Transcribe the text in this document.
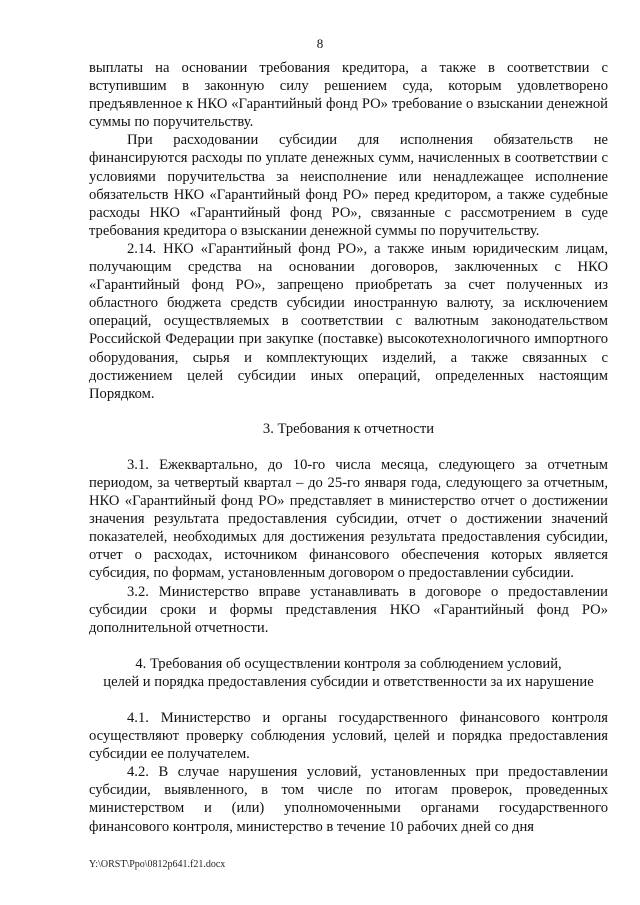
8

выплаты на основании требования кредитора, а также в соответствии с вступившим в законную силу решением суда, которым удовлетворено предъявленное к НКО «Гарантийный фонд РО» требование о взыскании денежной суммы по поручительству.

При расходовании субсидии для исполнения обязательств не финансируются расходы по уплате денежных сумм, начисленных в соответствии с условиями поручительства за неисполнение или ненадлежащее исполнение обязательств НКО «Гарантийный фонд РО» перед кредитором, а также судебные расходы НКО «Гарантийный фонд РО», связанные с рассмотрением в суде требования кредитора о взыскании денежной суммы по поручительству.

2.14. НКО «Гарантийный фонд РО», а также иным юридическим лицам, получающим средства на основании договоров, заключенных с НКО «Гарантийный фонд РО», запрещено приобретать за счет полученных из областного бюджета средств субсидии иностранную валюту, за исключением операций, осуществляемых в соответствии с валютным законодательством Российской Федерации при закупке (поставке) высокотехнологичного импортного оборудования, сырья и комплектующих изделий, а также связанных с достижением целей субсидии иных операций, определенных настоящим Порядком.

3. Требования к отчетности

3.1. Ежеквартально, до 10-го числа месяца, следующего за отчетным периодом, за четвертый квартал – до 25-го января года, следующего за отчетным, НКО «Гарантийный фонд РО» представляет в министерство отчет о достижении значения результата предоставления субсидии, отчет о достижении значений показателей, необходимых для достижения результата предоставления субсидии, отчет о расходах, источником финансового обеспечения которых является субсидия, по формам, установленным договором о предоставлении субсидии.

3.2. Министерство вправе устанавливать в договоре о предоставлении субсидии сроки и формы представления НКО «Гарантийный фонд РО» дополнительной отчетности.

4. Требования об осуществлении контроля за соблюдением условий,

целей и порядка предоставления субсидии и ответственности за их нарушение

4.1. Министерство и органы государственного финансового контроля осуществляют проверку соблюдения условий, целей и порядка предоставления субсидии ее получателем.

4.2. В случае нарушения условий, установленных при предоставлении субсидии, выявленного, в том числе по итогам проверок, проведенных министерством и (или) уполномоченными органами государственного финансового контроля, министерство в течение 10 рабочих дней со дня

Y:\ORST\Ppo\0812p641.f21.docx
